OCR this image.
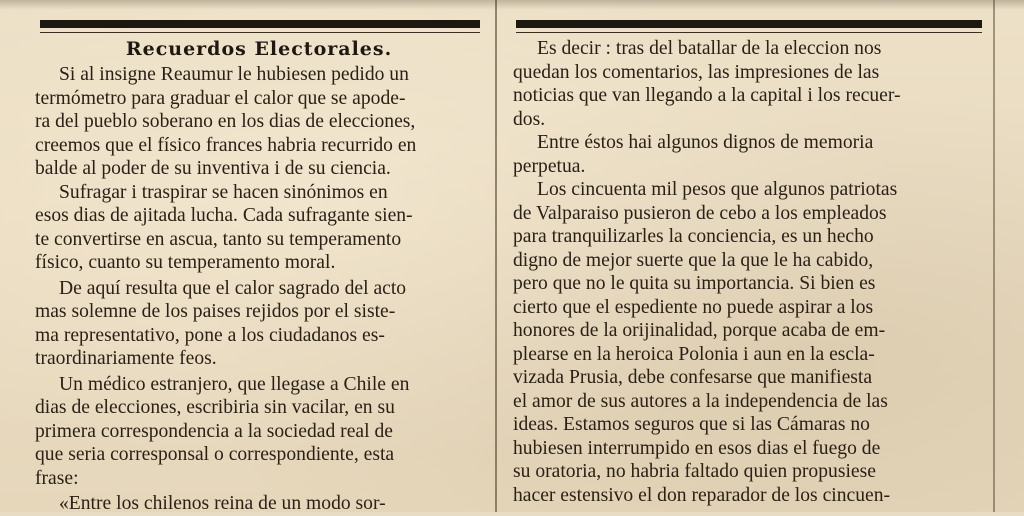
Recuerdos Electorales.

Si al insigne Reaumur le hubiesen pedido un
termómetro para graduar el calor que se apode-
ra del pueblo soberano en los dias de elecciones,
creemos que el físico frances habria recurrido en
balde al poder de su inventiva i de su ciencia.

Sufragar i traspirar se hacen sinónimos en
esos dias de ajitada lucha. Cada sufragante sien-
te convertirse en ascua, tanto su temperamento
físico, cuanto su temperamento moral.

De aquí resulta que el calor sagrado del acto
mas solemne de los paises rejidos por el siste-
ma representativo, pone a los ciudadanos es-
traordinariamente feos.

Un médico estranjero, que llegase a Chile en
dias de elecciones, escribiria sin vacilar, en su
primera correspondencia a la sociedad real de
que seria corresponsal o correspondiente, esta
frase:

«Entre los chilenos reina de un modo sor-

Es decir : tras del batallar de la eleccion nos
quedan los comentarios, las impresiones de las
noticias que van llegando a la capital i los recuer-
dos.

Entre éstos hai algunos dignos de memoria
perpetua.

Los cincuenta mil pesos que algunos patriotas
de Valparaiso pusieron de cebo a los empleados
para tranquilizarles la conciencia, es un hecho
digno de mejor suerte que la que le ha cabido,
pero que no le quita su importancia. Si bien es
cierto que el espediente no puede aspirar a los
honores de la orijinalidad, porque acaba de em-
plearse en la heroica Polonia i aun en la escla-
vizada Prusia, debe confesarse que manifiesta
el amor de sus autores a la independencia de las
ideas. Estamos seguros que si las Cámaras no
hubiesen interrumpido en esos dias el fuego de
su oratoria, no habria faltado quien propusiese
hacer estensivo el don reparador de los cincuen-
